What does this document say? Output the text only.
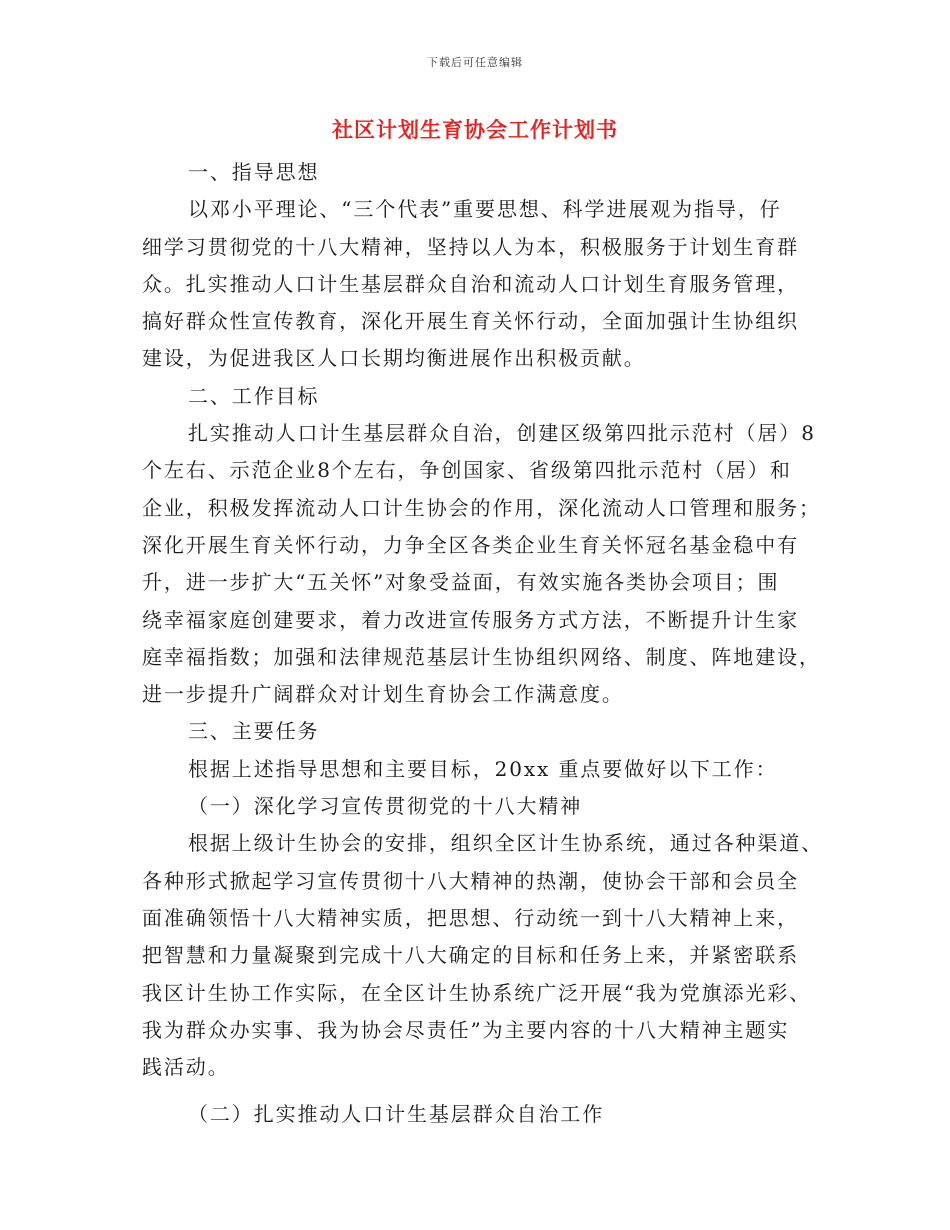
下载后可任意编辑
社区计划生育协会工作计划书
一、指导思想
以邓小平理论、“三个代表”重要思想、科学进展观为指导，仔
细学习贯彻党的十八大精神，坚持以人为本，积极服务于计划生育群
众。扎实推动人口计生基层群众自治和流动人口计划生育服务管理，
搞好群众性宣传教育，深化开展生育关怀行动，全面加强计生协组织
建设，为促进我区人口长期均衡进展作出积极贡献。
二、工作目标
扎实推动人口计生基层群众自治，创建区级第四批示范村（居）8
个左右、示范企业8个左右，争创国家、省级第四批示范村（居）和
企业，积极发挥流动人口计生协会的作用，深化流动人口管理和服务；
深化开展生育关怀行动，力争全区各类企业生育关怀冠名基金稳中有
升，进一步扩大“五关怀”对象受益面，有效实施各类协会项目；围
绕幸福家庭创建要求，着力改进宣传服务方式方法，不断提升计生家
庭幸福指数；加强和法律规范基层计生协组织网络、制度、阵地建设，
进一步提升广阔群众对计划生育协会工作满意度。
三、主要任务
根据上述指导思想和主要目标，20xx 重点要做好以下工作：
（一）深化学习宣传贯彻党的十八大精神
根据上级计生协会的安排，组织全区计生协系统，通过各种渠道、
各种形式掀起学习宣传贯彻十八大精神的热潮，使协会干部和会员全
面准确领悟十八大精神实质，把思想、行动统一到十八大精神上来，
把智慧和力量凝聚到完成十八大确定的目标和任务上来，并紧密联系
我区计生协工作实际，在全区计生协系统广泛开展“我为党旗添光彩、
我为群众办实事、我为协会尽责任”为主要内容的十八大精神主题实
践活动。
（二）扎实推动人口计生基层群众自治工作
